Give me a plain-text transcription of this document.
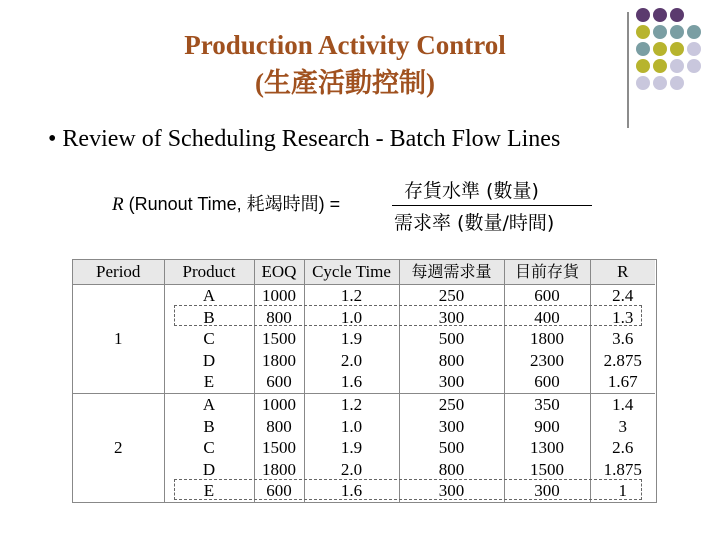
Production Activity Control
(生產活動控制)
• Review of Scheduling Research - Batch Flow Lines
R (Runout Time, 耗竭時間) =
存貨水準 (數量)
需求率 (數量/時間)
Period	Product	EOQ	Cycle Time	每週需求量	目前存貨	R
1	A	1000	1.2	250	600	2.4
	B	800	1.0	300	400	1.3
	C	1500	1.9	500	1800	3.6
	D	1800	2.0	800	2300	2.875
	E	600	1.6	300	600	1.67
2	A	1000	1.2	250	350	1.4
	B	800	1.0	300	900	3
	C	1500	1.9	500	1300	2.6
	D	1800	2.0	800	1500	1.875
	E	600	1.6	300	300	1
